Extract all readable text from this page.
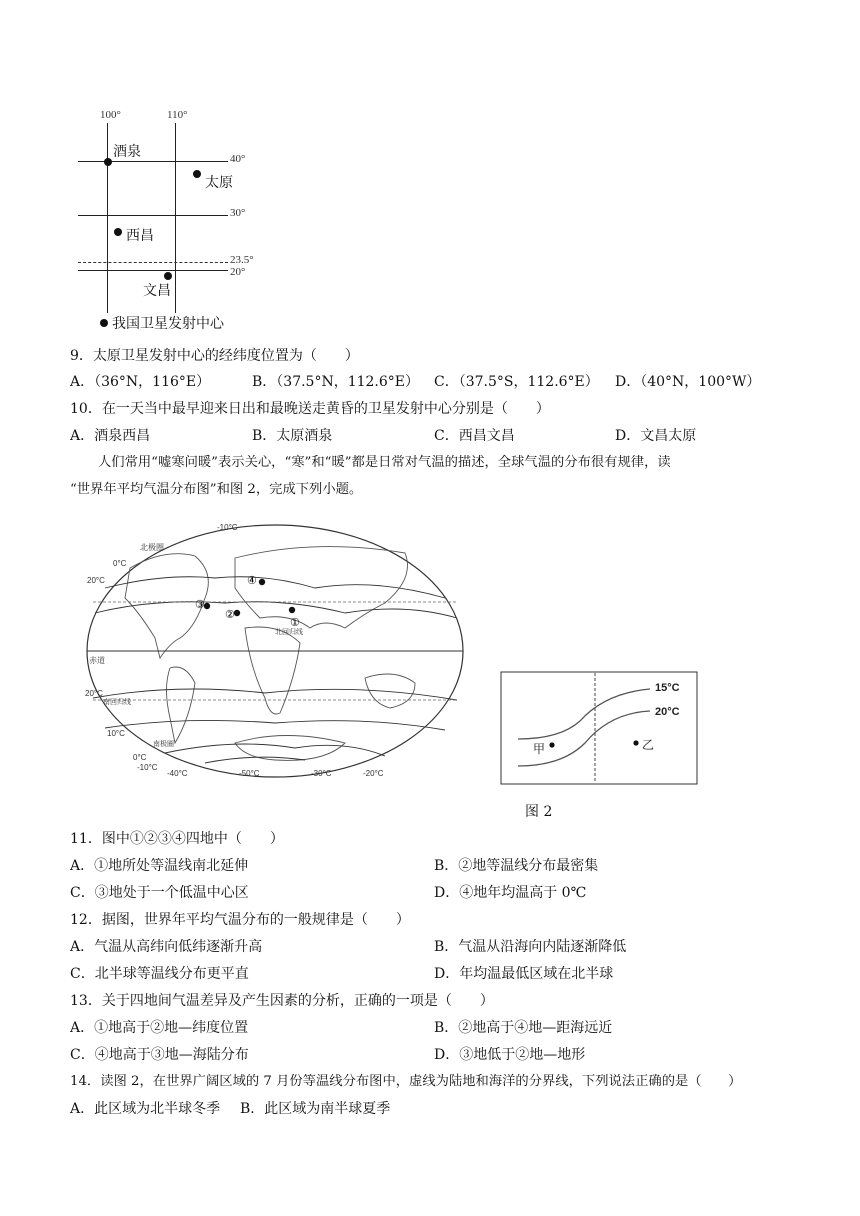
100°	110°
40°
30°
23.5°
20°
酒泉
太原
西昌
文昌
我国卫星发射中心
9．太原卫星发射中心的经纬度位置为（　　）
A．（36°N，116°E）	B．（37.5°N，112.6°E） C．（37.5°S，112.6°E） D．（40°N，100°W）
10．在一天当中最早迎来日出和最晚送走黄昏的卫星发射中心分别是（　　）
A．酒泉西昌	B．太原酒泉	C．西昌文昌	D．文昌太原
人们常用“嘘寒问暖”表示关心，“寒”和“暖”都是日常对气温的描述，全球气温的分布很有规律，读
“世界年平均气温分布图”和图 2，完成下列小题。
①
②
③
④
-10°C
0°C
20°C
北极圈
北回归线
赤道
20°C
南回归线
10°C
南极圈
0°C
-10°C
-40°C	-50°C	-30°C	-20°C
15°C
20°C
甲	乙
图 2
11．图中①②③④四地中（　　）
A．①地所处等温线南北延伸	B．②地等温线分布最密集
C．③地处于一个低温中心区	D．④地年均温高于 0℃
12．据图，世界年平均气温分布的一般规律是（　　）
A．气温从高纬向低纬逐渐升高	B．气温从沿海向内陆逐渐降低
C．北半球等温线分布更平直	D．年均温最低区域在北半球
13．关于四地间气温差异及产生因素的分析，正确的一项是（　　）
A．①地高于②地—纬度位置	B．②地高于④地—距海远近
C．④地高于③地—海陆分布	D．③地低于②地—地形
14．读图 2，在世界广阔区域的 7 月份等温线分布图中，虚线为陆地和海洋的分界线，下列说法正确的是（　　）
A．此区域为北半球冬季 B．此区域为南半球夏季
